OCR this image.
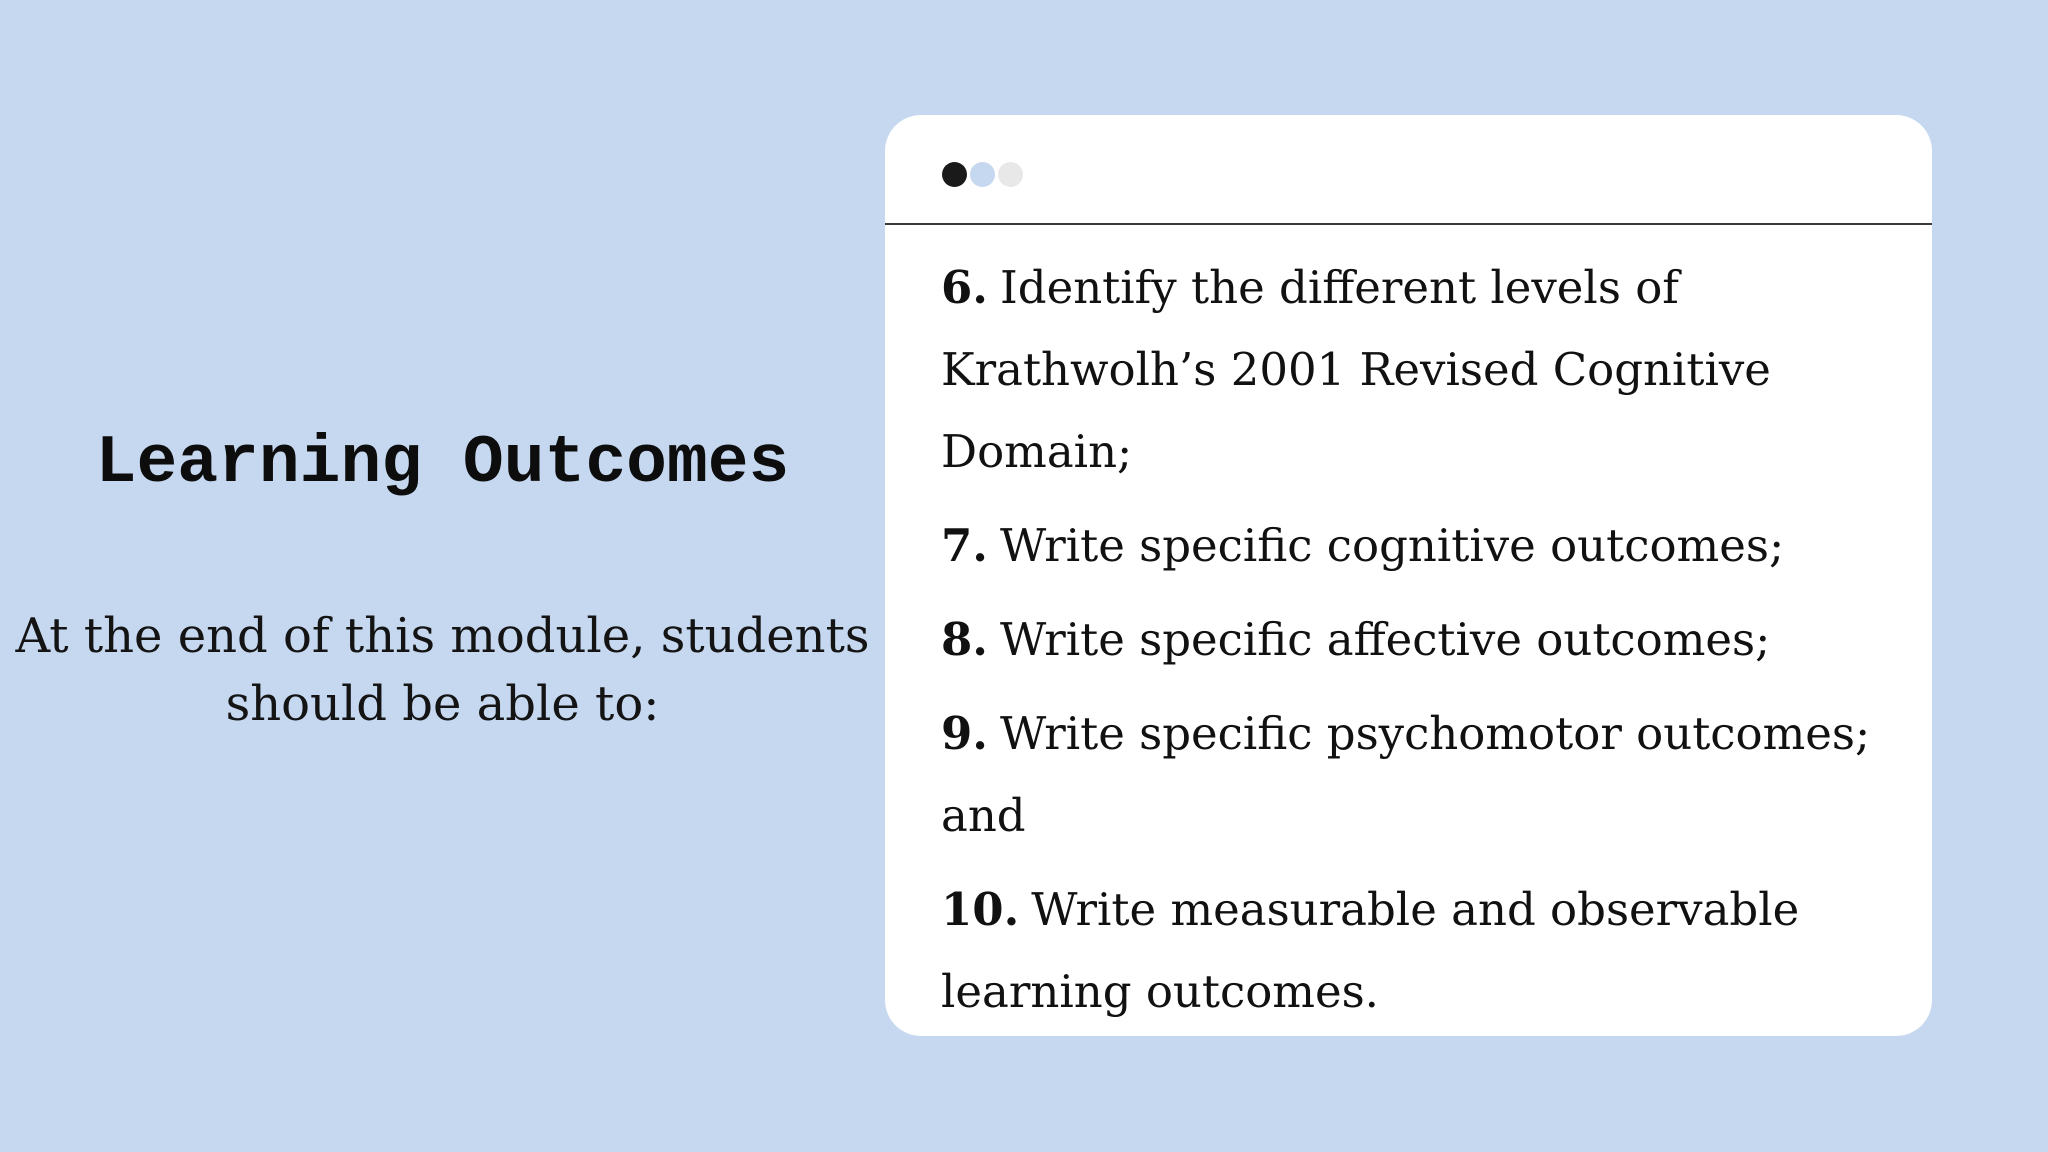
Learning Outcomes
At the end of this module, students should be able to:
6. Identify the different levels of Krathwolh’s 2001 Revised Cognitive Domain;
7. Write specific cognitive outcomes;
8. Write specific affective outcomes;
9. Write specific psychomotor outcomes; and
10. Write measurable and observable learning outcomes.
